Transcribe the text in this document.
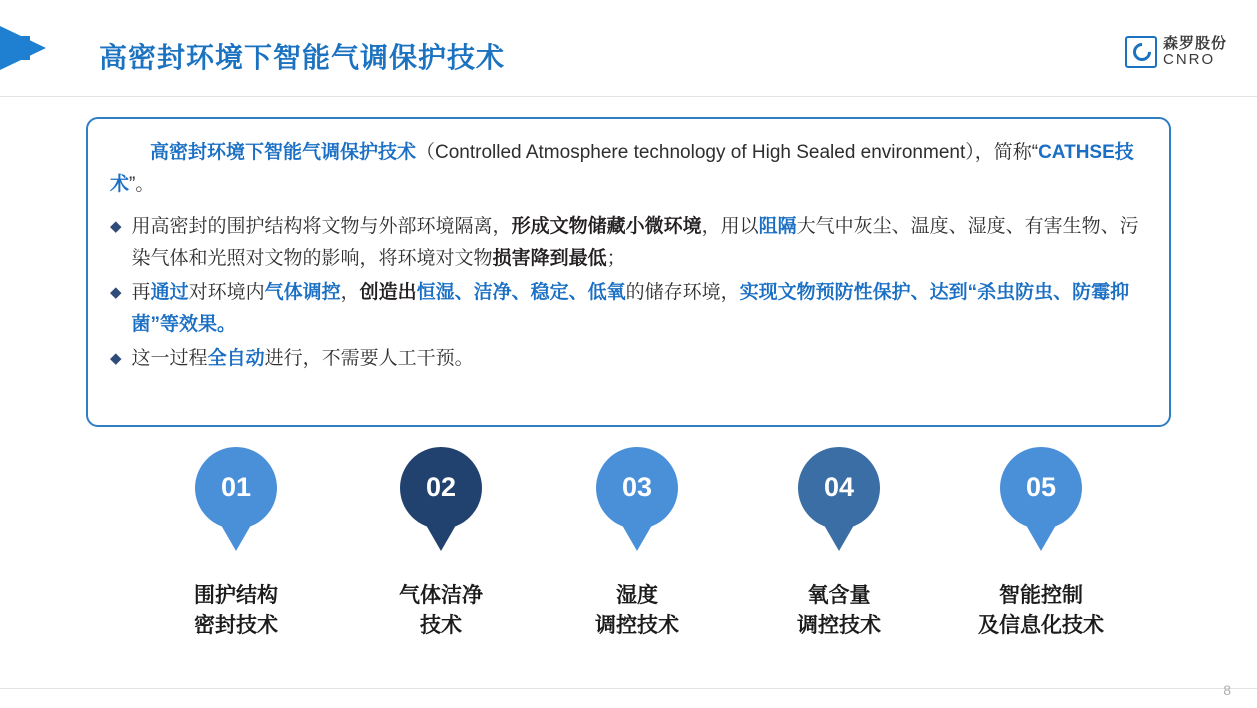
高密封环境下智能气调保护技术	森罗股份
CNRO

高密封环境下智能气调保护技术（Controlled Atmosphere technology of High Sealed environment），简称“CATHSE技术”。

◆ 用高密封的围护结构将文物与外部环境隔离，形成文物储藏小微环境，用以阻隔大气中灰尘、温度、湿度、有害生物、污染气体和光照对文物的影响，将环境对文物损害降到最低；
◆ 再通过对环境内气体调控，创造出恒湿、洁净、稳定、低氧的储存环境，实现文物预防性保护、达到“杀虫防虫、防霉抑菌”等效果。
◆ 这一过程全自动进行，不需要人工干预。
01
围护结构
密封技术
02
气体洁净
技术
03
湿度
调控技术
04
氧含量
调控技术
05
智能控制
及信息化技术
8
